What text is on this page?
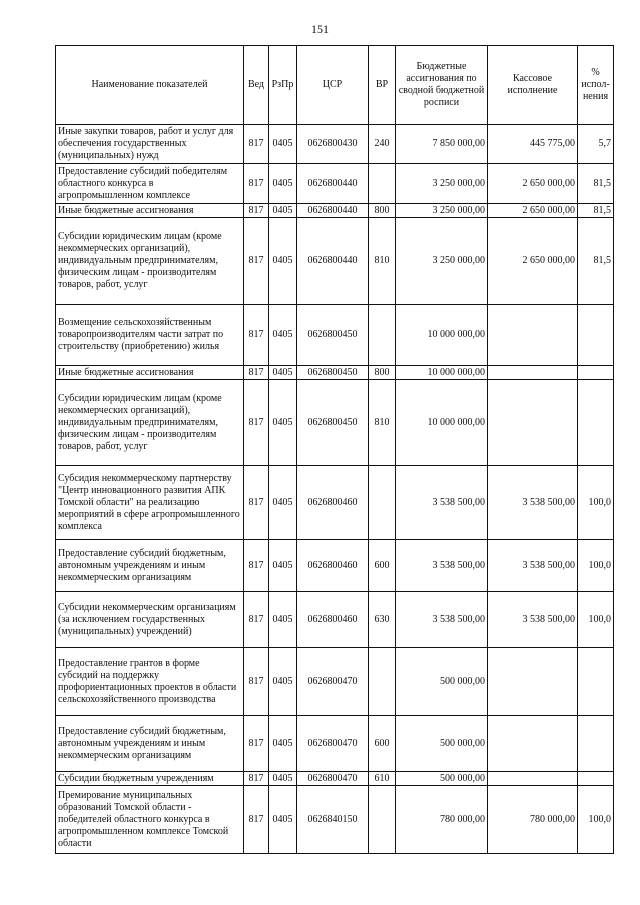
151
Наименование показателей	Вед	РзПр	ЦСР	ВР	Бюджетные ассигнования по сводной бюджетной росписи	Кассовое исполнение	% испол-нения
Иные закупки товаров, работ и услуг для обеспечения государственных (муниципальных) нужд	817	0405	0626800430	240	7 850 000,00	445 775,00	5,7
Предоставление субсидий победителям областного конкурса в агропромышленном комплексе	817	0405	0626800440		3 250 000,00	2 650 000,00	81,5
Иные бюджетные ассигнования	817	0405	0626800440	800	3 250 000,00	2 650 000,00	81,5
Субсидии юридическим лицам (кроме некоммерческих организаций), индивидуальным предпринимателям, физическим лицам - производителям товаров, работ, услуг	817	0405	0626800440	810	3 250 000,00	2 650 000,00	81,5
Возмещение сельскохозяйственным товаропроизводителям части затрат по строительству (приобретению) жилья	817	0405	0626800450		10 000 000,00		
Иные бюджетные ассигнования	817	0405	0626800450	800	10 000 000,00		
Субсидии юридическим лицам (кроме некоммерческих организаций), индивидуальным предпринимателям, физическим лицам - производителям товаров, работ, услуг	817	0405	0626800450	810	10 000 000,00		
Субсидия некоммерческому партнерству "Центр инновационного развития АПК Томской области" на реализацию мероприятий в сфере агропромышленного комплекса	817	0405	0626800460		3 538 500,00	3 538 500,00	100,0
Предоставление субсидий бюджетным, автономным учреждениям и иным некоммерческим организациям	817	0405	0626800460	600	3 538 500,00	3 538 500,00	100,0
Субсидии некоммерческим организациям (за исключением государственных (муниципальных) учреждений)	817	0405	0626800460	630	3 538 500,00	3 538 500,00	100,0
Предоставление грантов в форме субсидий на поддержку профориентационных проектов в области сельскохозяйственного производства	817	0405	0626800470		500 000,00		
Предоставление субсидий бюджетным, автономным учреждениям и иным некоммерческим организациям	817	0405	0626800470	600	500 000,00		
Субсидии бюджетным учреждениям	817	0405	0626800470	610	500 000,00		
Премирование муниципальных образований Томской области - победителей областного конкурса в агропромышленном комплексе Томской области	817	0405	0626840150		780 000,00	780 000,00	100,0
